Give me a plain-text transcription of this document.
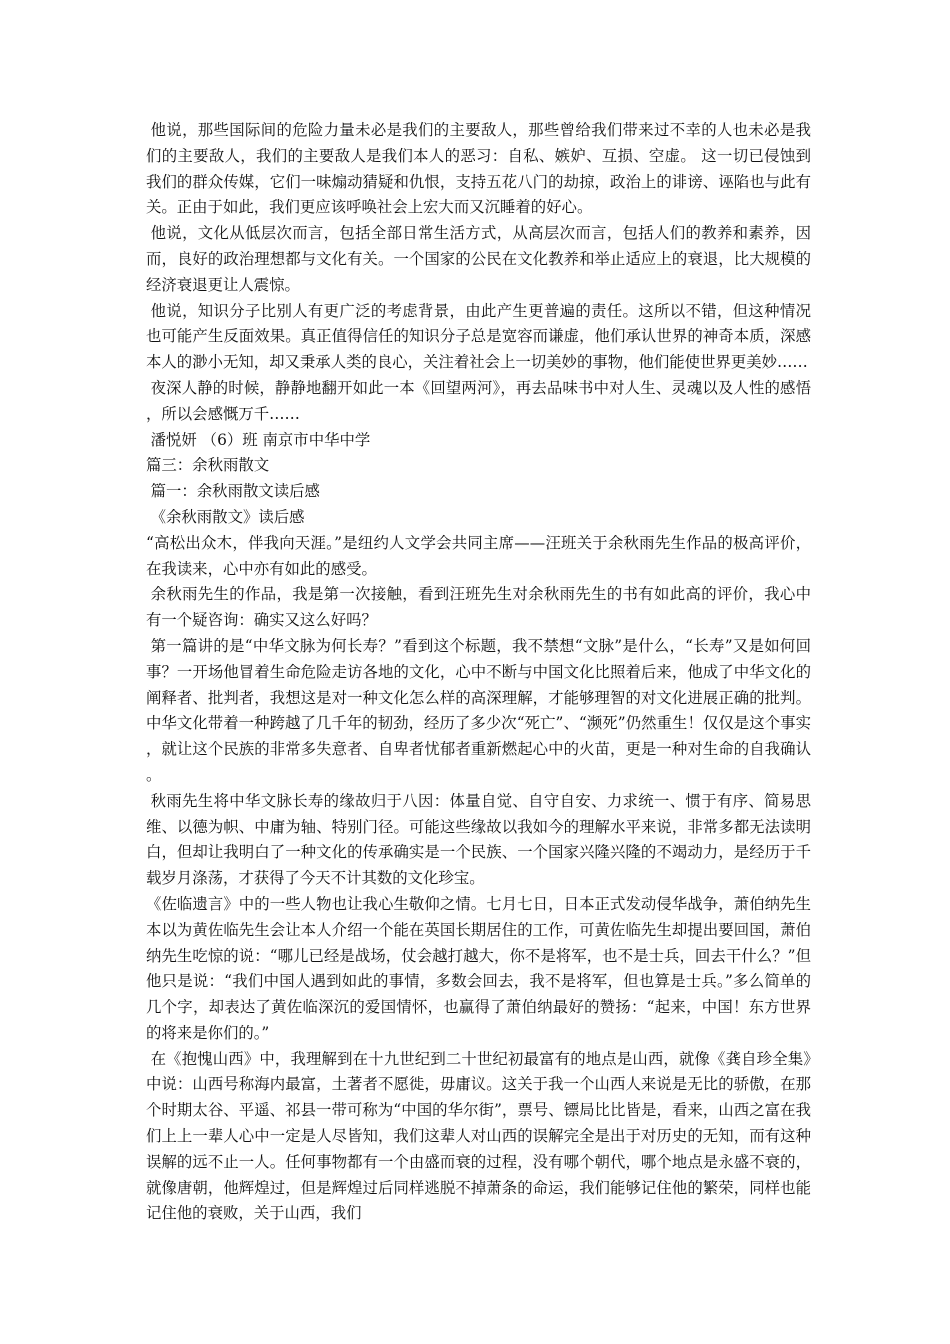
他说，那些国际间的危险力量未必是我们的主要敌人，那些曾给我们带来过不幸的人也未必是我们的主要敌人，我们的主要敌人是我们本人的恶习：自私、嫉妒、互损、空虚。 这一切已侵蚀到我们的群众传媒，它们一味煽动猜疑和仇恨，支持五花八门的劫掠，政治上的诽谤、诬陷也与此有关。正由于如此，我们更应该呼唤社会上宏大而又沉睡着的好心。

他说，文化从低层次而言，包括全部日常生活方式，从高层次而言，包括人们的教养和素养，因而，良好的政治理想都与文化有关。一个国家的公民在文化教养和举止适应上的衰退，比大规模的经济衰退更让人震惊。

他说，知识分子比别人有更广泛的考虑背景，由此产生更普遍的责任。这所以不错，但这种情况也可能产生反面效果。真正值得信任的知识分子总是宽容而谦虚，他们承认世界的神奇本质，深感本人的渺小无知，却又秉承人类的良心，关注着社会上一切美妙的事物，他们能使世界更美妙……

夜深人静的时候，静静地翻开如此一本《回望两河》，再去品味书中对人生、灵魂以及人性的感悟，所以会感慨万千……

潘悦妍 （6）班 南京市中华中学

篇三：余秋雨散文

篇一：余秋雨散文读后感

《余秋雨散文》读后感

“高松出众木，伴我向天涯。”是纽约人文学会共同主席——汪班关于余秋雨先生作品的极高评价，在我读来，心中亦有如此的感受。

余秋雨先生的作品，我是第一次接触，看到汪班先生对余秋雨先生的书有如此高的评价，我心中有一个疑咨询：确实又这么好吗？

第一篇讲的是“中华文脉为何长寿？”看到这个标题，我不禁想“文脉”是什么，“长寿”又是如何回事？一开场他冒着生命危险走访各地的文化，心中不断与中国文化比照着后来，他成了中华文化的阐释者、批判者，我想这是对一种文化怎么样的高深理解，才能够理智的对文化进展正确的批判。中华文化带着一种跨越了几千年的韧劲，经历了多少次“死亡”、“濒死”仍然重生！仅仅是这个事实，就让这个民族的非常多失意者、自卑者忧郁者重新燃起心中的火苗，更是一种对生命的自我确认。

秋雨先生将中华文脉长寿的缘故归于八因：体量自觉、自守自安、力求统一、惯于有序、简易思维、以德为帜、中庸为轴、特别门径。可能这些缘故以我如今的理解水平来说，非常多都无法读明白，但却让我明白了一种文化的传承确实是一个民族、一个国家兴隆兴隆的不竭动力，是经历于千载岁月涤荡，才获得了今天不计其数的文化珍宝。

《佐临遗言》中的一些人物也让我心生敬仰之情。七月七日，日本正式发动侵华战争，萧伯纳先生本以为黄佐临先生会让本人介绍一个能在英国长期居住的工作，可黄佐临先生却提出要回国，萧伯纳先生吃惊的说：“哪儿已经是战场，仗会越打越大，你不是将军，也不是士兵，回去干什么？”但他只是说：“我们中国人遇到如此的事情，多数会回去，我不是将军，但也算是士兵。”多么简单的几个字，却表达了黄佐临深沉的爱国情怀，也赢得了萧伯纳最好的赞扬：“起来，中国！东方世界的将来是你们的。”

在《抱愧山西》中，我理解到在十九世纪到二十世纪初最富有的地点是山西，就像《龚自珍全集》中说：山西号称海内最富，土著者不愿徙，毋庸议。这关于我一个山西人来说是无比的骄傲，在那个时期太谷、平遥、祁县一带可称为“中国的华尔街”，票号、镖局比比皆是，看来，山西之富在我们上上一辈人心中一定是人尽皆知，我们这辈人对山西的误解完全是出于对历史的无知，而有这种误解的远不止一人。任何事物都有一个由盛而衰的过程，没有哪个朝代，哪个地点是永盛不衰的，就像唐朝，他辉煌过，但是辉煌过后同样逃脱不掉萧条的命运，我们能够记住他的繁荣，同样也能记住他的衰败，关于山西，我们
